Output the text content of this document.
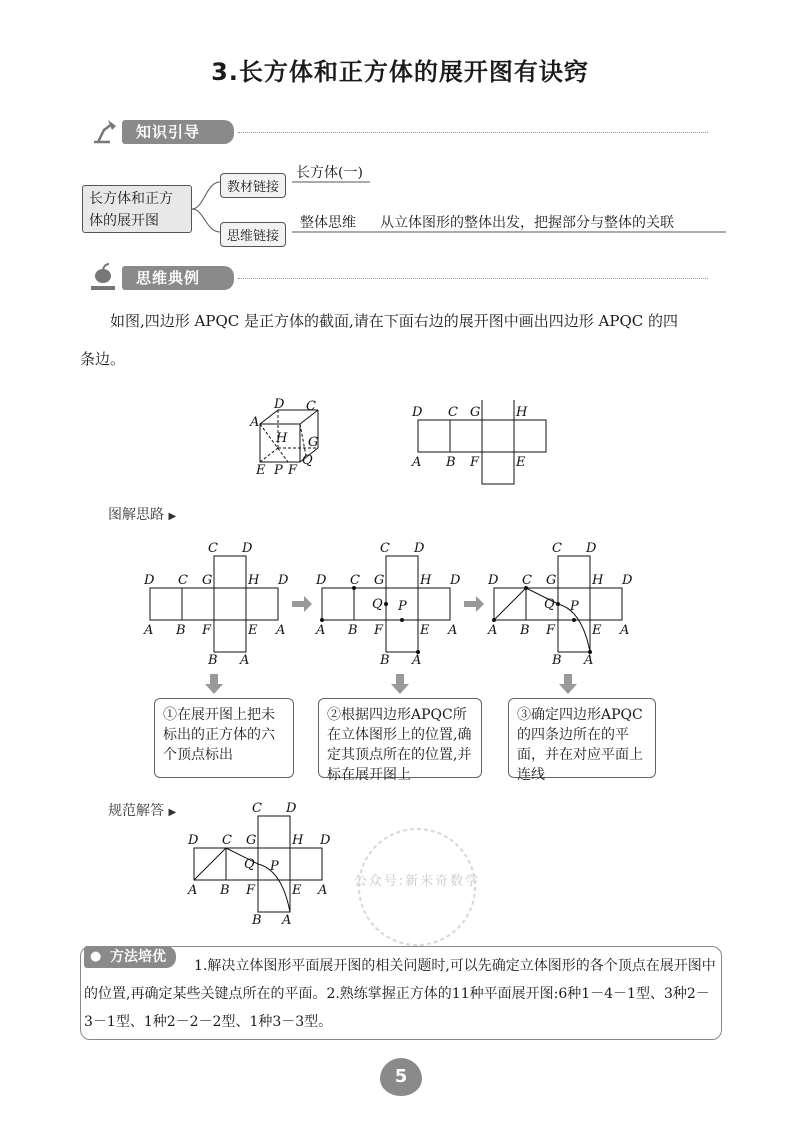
3.长方体和正方体的展开图有诀窍
知识引导
长方体和正方体的展开图
教材链接
长方体(一)
思维链接
整体思维 从立体图形的整体出发，把握部分与整体的关联
思维典例
如图,四边形 APQC 是正方体的截面,请在下面右边的展开图中画出四边形 APQC 的四
条边。
D C
A
H G
E P F
Q
D C G	H
A B F	E
图解思路 ▶
C D
D C G	H D
A B F	E A
B A
C D
D C G	H D
Q P
A B F	E A
B A
C D
D C G	H D
Q P
A B F	E A
B A
①在展开图上把未标出的正方体的六个顶点标出
②根据四边形APQC所在立体图形上的位置,确定其顶点所在的位置,并标在展开图上
③确定四边形APQC的四条边所在的平面，并在对应平面上连线
规范解答 ▶	C D
D C G	H D
Q P
A B F	E A
B A
公众号:新米奇数学
● 方法培优
1.解决立体图形平面展开图的相关问题时,可以先确定立体图形的各个顶点在展开图中的位置,再确定某些关键点所在的平面。2.熟练掌握正方体的11种平面展开图:6种1－4－1型、3种2－3－1型、1种2－2－2型、1种3－3型。
5
